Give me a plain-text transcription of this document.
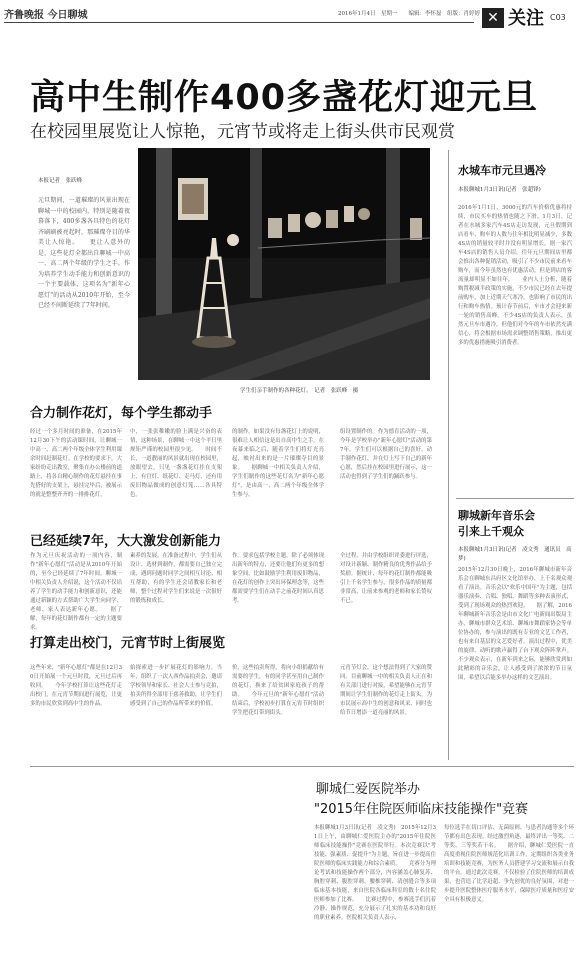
齐鲁晚报 今日聊城	2016年1月4日　星期一　　编辑：李怀磊　组版：肖婷婷 ✕ 关注 C03
高中生制作400多盏花灯迎元旦
在校园里展览让人惊艳，元宵节或将走上街头供市民观赏
本报记者　张跃峰
元旦期间，一道璀璨的风景出现在聊城一中的校园内，特别是随着夜幕落下，400多盏各具特色的花灯齐刷刷被亮起时，那璀璨夺目的华美让人惊艳。　　更让人意外的是，这些花灯全都出自聊城一中高一、高二两个年级的学生之手。作为培养学生动手能力和创新意识的一个主要载体，这项名为"新年心愿灯"的活动从2010年开始，至今已经不间断延续了7年时间。
学生们亲手制作的各种花灯。　记者　张跃峰　摄
合力制作花灯，每个学生都动手
经过一个多月时间的准备，在2015年12月30下午的活动课时间，让聊城一中高一、高二两个年级全体学生利用课余时间赶制花灯。在学校的要求下，大家纷纷走出教室，聚集在办公楼前的道路上，将各自精心制作的花灯悬挂在事先搭好的支架上，悬挂完毕后，被展示的就是整整齐齐的一排排花灯。
中，一张张稚嫩的脸上满是兴奋的表情，这种场景，在聊城一中这个平日里规矩严谨的校园里很少见。　　时间不长，一道靓丽的风景就出现在校园里，放眼望去，只见一盏盏花灯挂在支架上，有宫灯、纸花灯、走马灯，还有用废旧物品做成的创意灯笼……各具特色。
的制作。如果没有每盏花灯上的说明，很难让人相信这是出自高中生之手。在夜幕来临之后，随着学生们将灯光亮起，映衬出来的是一片璀璨夺目的景象。　　据聊城一中相关负责人介绍，学生们制作的这些花灯名为"新年心愿灯"，是由高一、高二两个年级全体学生参与。
组设置制作的。作为德育活动的一项，今年是学校举办"新年心愿灯"活动的第7年，学生们可以根据自己的喜好，动手制作花灯，并在灯上写下自己的新年心愿，然后挂在校园里进行展示，这一活动也得到了学生们的踊跃参与。
已经延续7年，大大激发创新能力
作为元旦庆祝活动的一项内容，制作"新年心愿灯"活动是从2010年开始的，至今已经延续了7年时间。聊城一中相关负责人介绍说，这个活动不仅培养了学生的动手能力和创新意识，还能通过新颖的方式帮助广大学生向同学、老师、家人表达新年心愿。　　据了解，每年的花灯制作都有一定的主题要求。
素养的发展。在准备过程中，学生们从设计、选材到制作，都需要自己独立完成，遇到问题时同学之间相互讨论、相互帮助，有的学生还会请教家长和老师，整个过程对学生们来说是一次很好的锻炼和成长。
作。要求包括学校主题，除了必须体现出新年的特点，还要让他们有更多的想象空间，比如鼓励学生利用废旧物品，在花灯的创作上突出环保理念等，这些都需要学生们在动手之前花时间认真思考。
全过程，并由学校组织评委进行评选，对设计新颖、制作精良的优秀作品给予奖励。据统计，每年的花灯制作都能吸引上千名学生参与，很多作品的质量都非常高，让前来参观的老师和家长赞叹不已。
打算走出校门，元宵节时上街展览
这些年来，"新年心愿灯"都是在12月30日开始展一个元旦时段，元旦过后再收回。　　今年学校打算让这些花灯走出校门，在元宵节期间进行展览，让更多的市民欣赏到高中生的作品。
始探索进一步扩展花灯的影响力。当年，组织了一次人西作品拍卖会，邀请学校领导和家长、社会人士参与竞拍，拍卖所得全部用于慈善救助，让学生们感受到了自己的作品所带来的价值。
价，这些拍卖所得，将向小组捐献给有需要的学生，有的同学甚至用自己制作的花灯，换来了给贫困家庭孩子的帮助。　　今年元旦的"新年心愿灯"活动结束后，学校初步打算在元宵节时组织学生把花灯带到街头。
元宵节灯会，这个想法得到了大家的赞同。目前聊城一中的相关负责人正在和有关部门进行对接，希望能够在元宵节期间让学生们制作的花灯走上街头，为市民展示高中生的创意和风采，同时也给节日增添一道亮丽的风景。
水城车市元旦遇冷
本报聊城1月3日讯(记者　张超锋)
2016年1月1日，3000元的汽车价格优惠将持续，市民买车的热情也随之下滑。1月3日，记者在水城多家汽车4S店走访发现，元旦假期到店看车、购车的人数与往年相比明显减少，多数4S店的销量较平时并没有明显增长。据一家汽车4S店的销售人员介绍，往年元旦期间店里都会推出各种促销活动，吸引了不少市民前来看车购车，而今年虽然也有优惠活动，但是到店的客流量却明显不如往年。　　业内人士分析，随着购置税减半政策的实施，不少市民已经在去年提前购车，加上近期天气寒冷，也影响了市民的出行和购车热情。预计春节前后，车市才会迎来新一轮的销售高峰。不少4S店的负责人表示，虽然元旦车市遇冷，但他们对今年的车市依然充满信心，将会根据市场需求调整销售策略，推出更多的优惠措施吸引消费者。
聊城新年音乐会
引来上千观众
本报聊城1月3日讯(记者　凌文秀　通讯员　高梦)
2015年12月30日晚上，2016年聊城市新年音乐会在聊城东昌府区文化馆举办，上千名观众观看了演出。音乐会以"欢乐中国年"为主题，包括器乐演奏、合唱、独唱、舞蹈等多种表演形式，受到了现场观众的热烈欢迎。　　据了解，2016年聊城新年音乐会是由市文化广电新闻出版局主办，聊城市群众艺术馆、聊城市舞蹈家协会等单位协办的，参与演出的既有专业的文艺工作者，也有来自基层的文艺爱好者。演出过程中，优美的旋律、动听的歌声赢得了台下观众阵阵掌声。不少观众表示，在新年到来之际，能够欣赏到如此精彩的音乐会，让人感受到了浓浓的节日氛围，希望以后能多举办这样的文艺演出。
聊城仁爱医院举办
"2015年住院医师临床技能操作"竞赛
本报聊城1月3日讯(记者　凌文秀)　2015年12月31日上午，由聊城仁爱医院主办的"2015年住院医师临床技能操作"竞赛在医院举行。本次竞赛以"考技能、强素质、促提升"为主题，旨在进一步提高住院医师的临床实践能力和综合素质。　　竞赛分为理论考试和技能操作两个部分，内容涵盖心肺复苏、胸腔穿刺、腹腔穿刺、腰椎穿刺、清创缝合等多项临床基本技能，来自医院各临床科室的数十名住院医师参加了比赛。　　比赛过程中，参赛选手们沉着冷静、操作规范，充分展示了扎实的基本功和良好的职业素养。医院相关负责人表示，
每位选手在切口评估、无菌原则、与患者沟通等多个环节都有出色表现。经过激烈角逐，最终评出一等奖、二等奖、三等奖若干名。　　据介绍，聊城仁爱医院一直高度重视住院医师规范化培训工作，定期组织各类业务培训和技能竞赛，为医务人员搭建学习交流和展示自我的平台。通过此次竞赛，不仅检验了住院医师的培训成果，也营造了比学赶超、争先创优的良好氛围，对进一步提升医院整体医疗服务水平，保障医疗质量和医疗安全具有积极意义。
